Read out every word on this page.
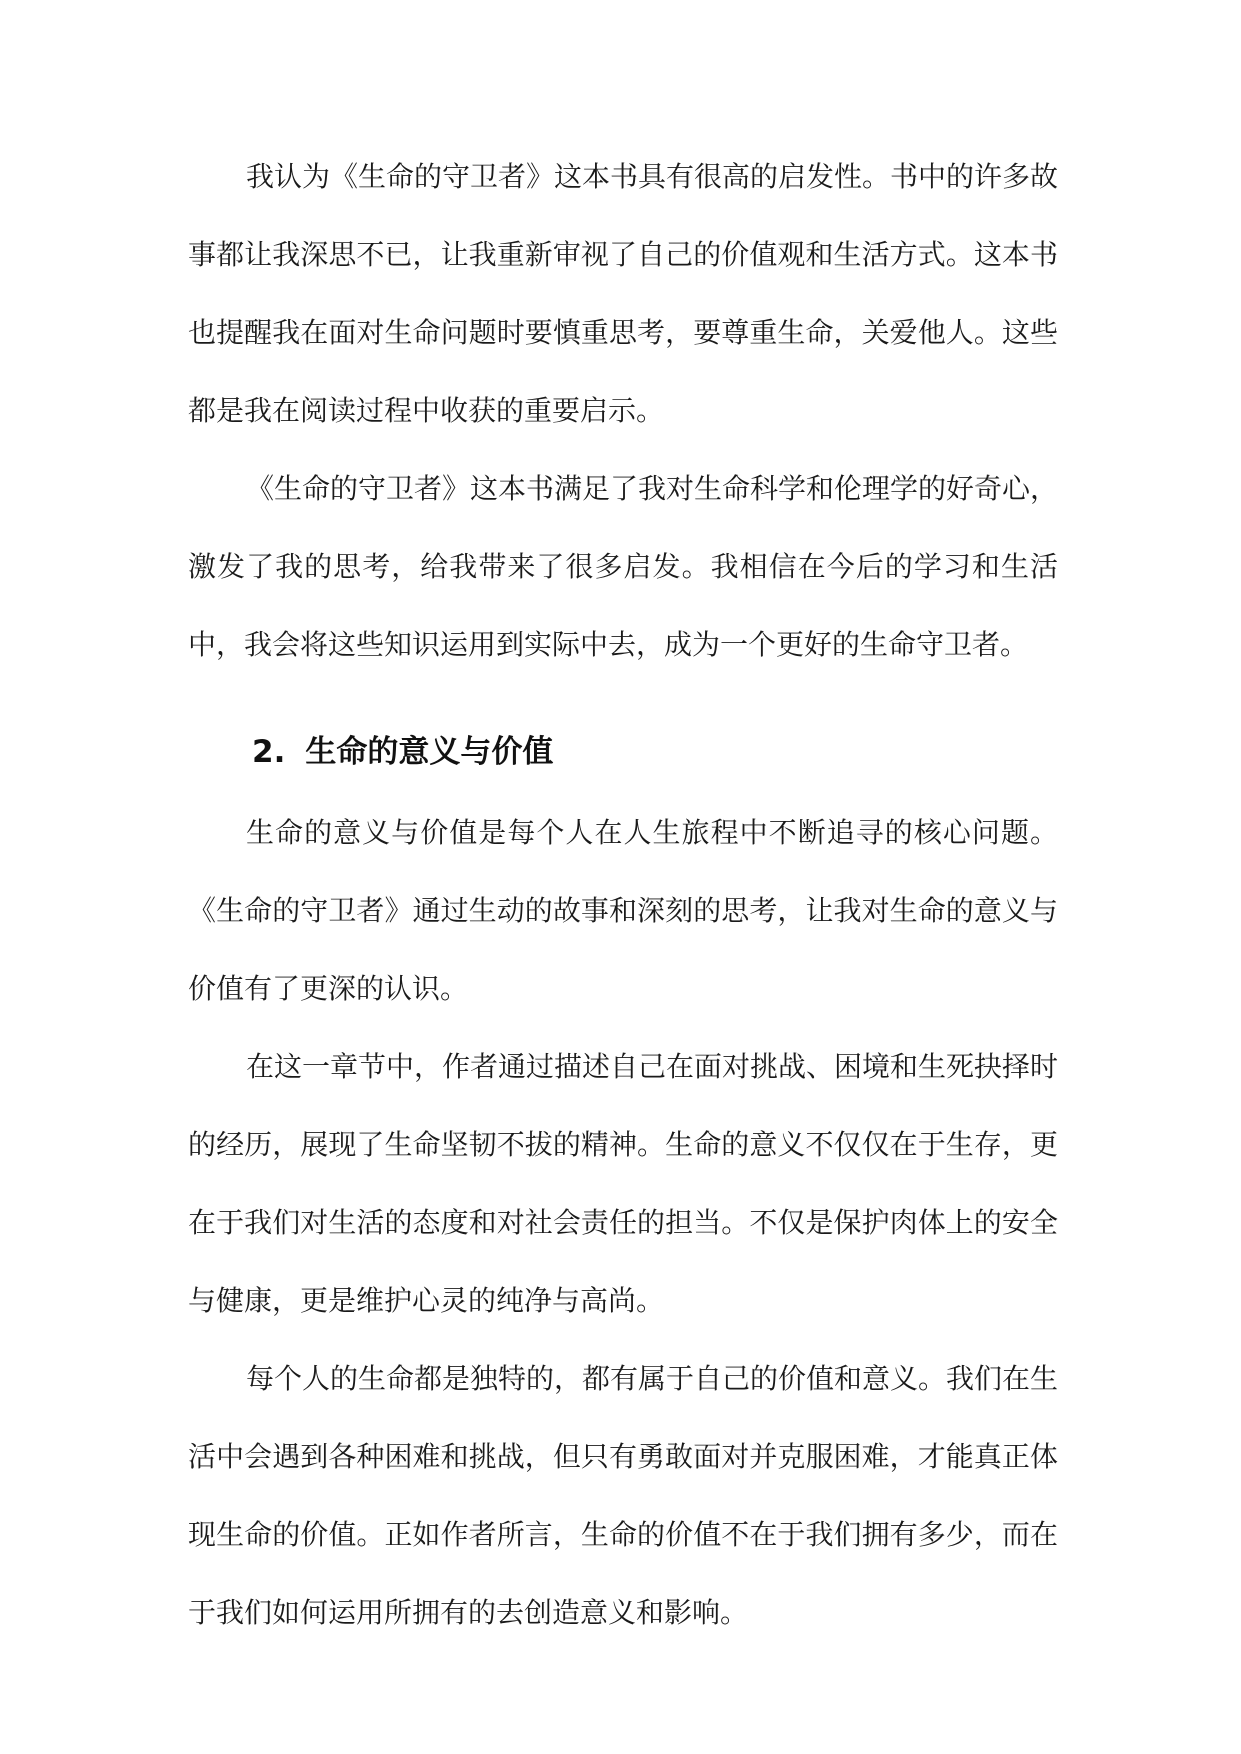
我认为《生命的守卫者》这本书具有很高的启发性。书中的许多故事都让我深思不已，让我重新审视了自己的价值观和生活方式。这本书也提醒我在面对生命问题时要慎重思考，要尊重生命，关爱他人。这些都是我在阅读过程中收获的重要启示。

《生命的守卫者》这本书满足了我对生命科学和伦理学的好奇心，激发了我的思考，给我带来了很多启发。我相信在今后的学习和生活中，我会将这些知识运用到实际中去，成为一个更好的生命守卫者。

2. 生命的意义与价值

生命的意义与价值是每个人在人生旅程中不断追寻的核心问题。《生命的守卫者》通过生动的故事和深刻的思考，让我对生命的意义与价值有了更深的认识。

在这一章节中，作者通过描述自己在面对挑战、困境和生死抉择时的经历，展现了生命坚韧不拔的精神。生命的意义不仅仅在于生存，更在于我们对生活的态度和对社会责任的担当。不仅是保护肉体上的安全与健康，更是维护心灵的纯净与高尚。

每个人的生命都是独特的，都有属于自己的价值和意义。我们在生活中会遇到各种困难和挑战，但只有勇敢面对并克服困难，才能真正体现生命的价值。正如作者所言，生命的价值不在于我们拥有多少，而在于我们如何运用所拥有的去创造意义和影响。
